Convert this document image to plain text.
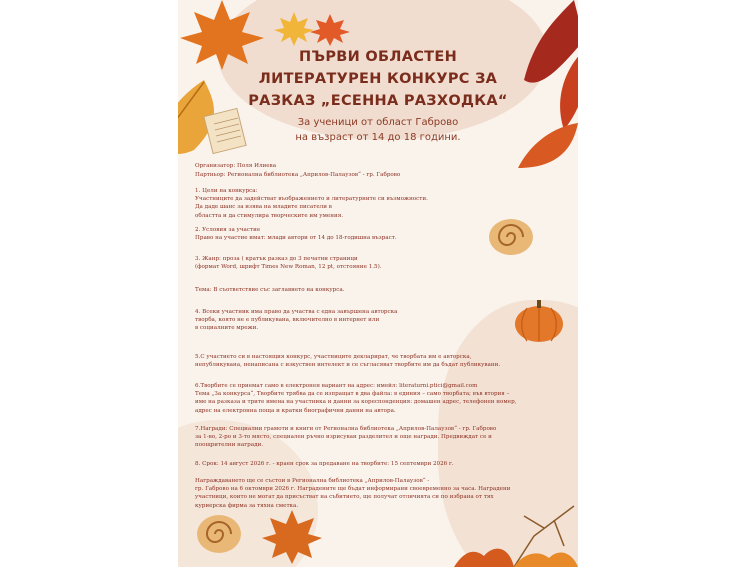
ПЪРВИ ОБЛАСТЕН
ЛИТЕРАТУРЕН КОНКУРС ЗА
РАЗКАЗ „ЕСЕННА РАЗХОДКА“
За ученици от област Габрово
на възраст от 14 до 18 години.
Организатор: Поля Илиева
Партньор: Регионална библиотека „Априлов-Палаузов“ - гр. Габрово
1. Цели на конкурса:
Участниците да задействат въображението и литературните си възможности.
Да даде шанс за изява на младите писатели в
областта и да стимулира творческите им умения.
2. Условия за участие
Право на участие имат: млади автори от 14 до 18-годишна възраст.
3. Жанр: проза ( кратък разказ до 3 печатни страници
(формат Word, шрифт Times New Roman, 12 pt, отстояние 1.5).
Тема: В съответствие със заглавието на конкурса.
4. Всеки участник има право да участва с една завършена авторска
творба, която не е публикувана, включително в интернет или
в социалните мрежи.
5.С участието си в настоящия конкурс, участниците декларират, че творбата им е авторска,
непубликувана, ненаписана с изкуствен интелект и се съгласяват творбите им да бъдат публикувани.
6.Творбите се приемат само в електронен вариант на адрес: имейл: literaturni.ptici@gmail.com
Тема „За конкурса“, Творбите трябва да се изпращат в два файла: в единия – само творбата; във втория –
име на разказа и трите имена на участника и данни за кореспонденция: домашен адрес, телефонен номер,
адрес на електронна поща и кратки биографични данни на автора.
7.Награди: Специални грамоти и книги от Регионална библиотека „Априлов-Палаузов“ - гр. Габрово
за 1-во, 2-ро и 3-то място, специален ръчно изрисуван разделител и още награди. Предвиждат се и
поощрителни награди.
8. Срок: 14 август 2026 г. - краен срок за предаване на творбите: 15 септември 2026 г.
Награждаването ще се състои в Регионална библиотека „Априлов-Палаузов“ -
гр. Габрово на 6 октомври 2026 г. Наградените ще бъдат информирани своевременно за часа. Наградени
участници, които не могат да присъстват на събитието, ще получат отличията си по избрана от тях
куриерска фирма за тяхна сметка.
